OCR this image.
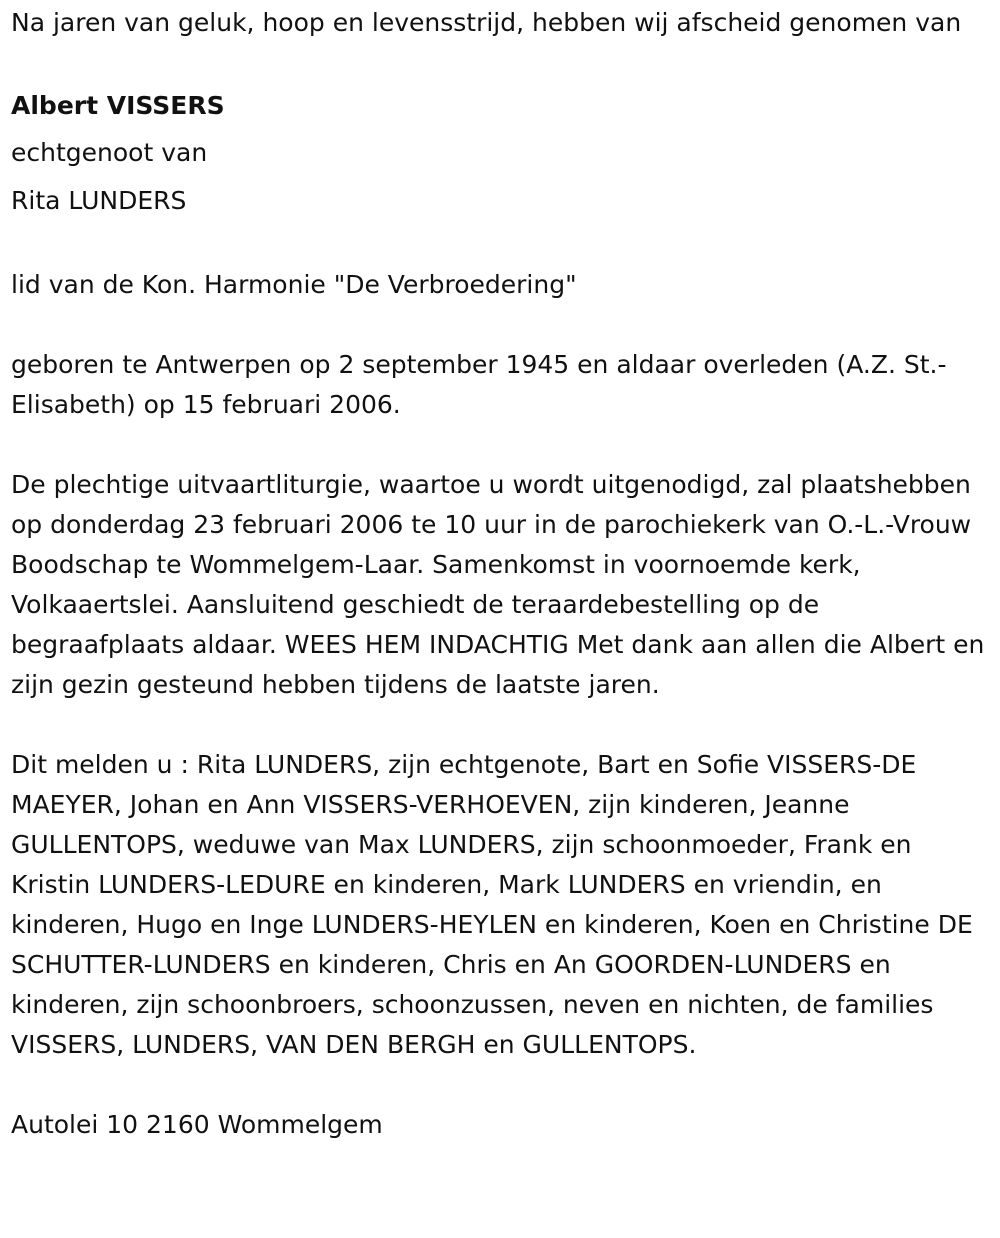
Na jaren van geluk, hoop en levensstrijd, hebben wij afscheid genomen van

Albert VISSERS

echtgenoot van

Rita LUNDERS

lid van de Kon. Harmonie "De Verbroedering"

geboren te Antwerpen op 2 september 1945 en aldaar overleden (A.Z. St.-Elisabeth) op 15 februari 2006.

De plechtige uitvaartliturgie, waartoe u wordt uitgenodigd, zal plaatshebben op donderdag 23 februari 2006 te 10 uur in de parochiekerk van O.-L.-Vrouw Boodschap te Wommelgem-Laar. Samenkomst in voornoemde kerk, Volkaaertslei. Aansluitend geschiedt de teraardebestelling op de begraafplaats aldaar. WEES HEM INDACHTIG Met dank aan allen die Albert en zijn gezin gesteund hebben tijdens de laatste jaren.

Dit melden u : Rita LUNDERS, zijn echtgenote, Bart en Sofie VISSERS-DE MAEYER, Johan en Ann VISSERS-VERHOEVEN, zijn kinderen, Jeanne GULLENTOPS, weduwe van Max LUNDERS, zijn schoonmoeder, Frank en Kristin LUNDERS-LEDURE en kinderen, Mark LUNDERS en vriendin, en kinderen, Hugo en Inge LUNDERS-HEYLEN en kinderen, Koen en Christine DE SCHUTTER-LUNDERS en kinderen, Chris en An GOORDEN-LUNDERS en kinderen, zijn schoonbroers, schoonzussen, neven en nichten, de families VISSERS, LUNDERS, VAN DEN BERGH en GULLENTOPS.

Autolei 10 2160 Wommelgem
